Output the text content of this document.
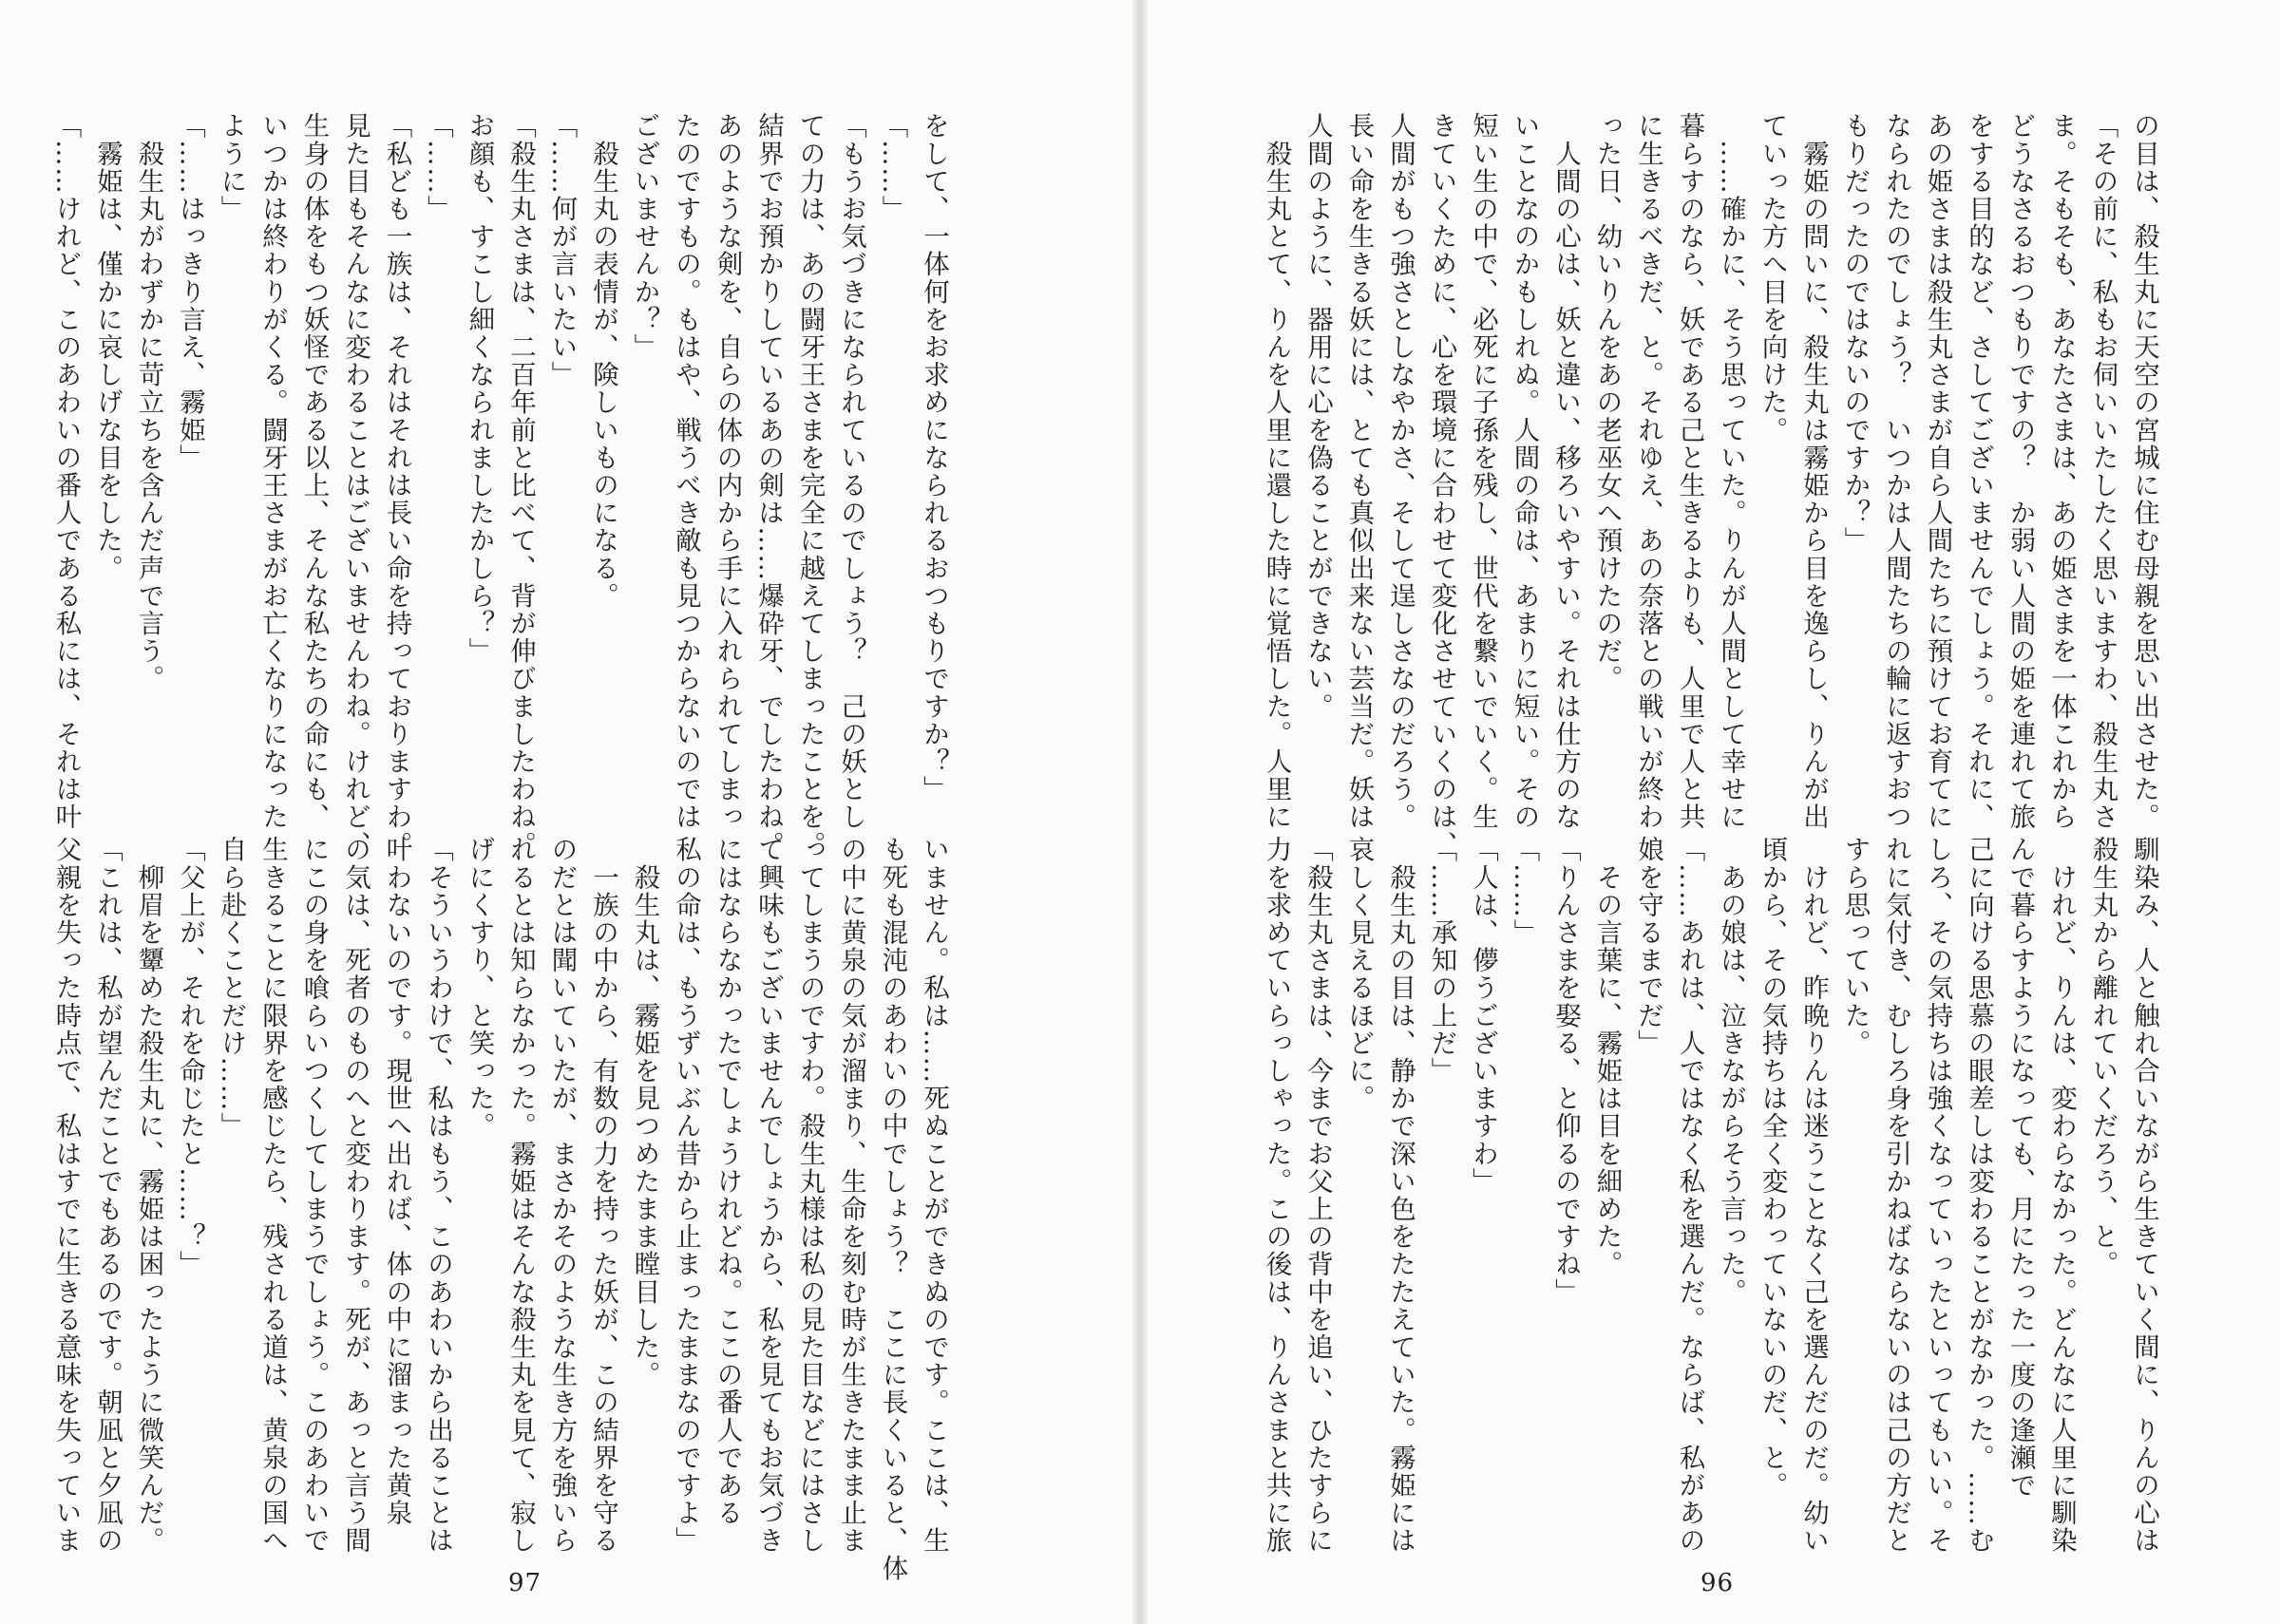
をして、一体何をお求めになられるおつもりですか？」
「……」
「もうお気づきになられているのでしょう？　己の妖とし
ての力は、あの闘牙王さまを完全に越えてしまったことを。
結界でお預かりしているあの剣は……爆砕牙、でしたわね。
あのような剣を、自らの体の内から手に入れられてしまっ
たのですもの。もはや、戦うべき敵も見つからないのでは
ございませんか？」
　殺生丸の表情が、険しいものになる。
「……何が言いたい」
「殺生丸さまは、二百年前と比べて、背が伸びましたわね。
お顔も、すこし細くなられましたかしら？」
「……」
「私ども一族は、それはそれは長い命を持っておりますわ。
見た目もそんなに変わることはございませんわね。けれど、
生身の体をもつ妖怪である以上、そんな私たちの命にも、
いつかは終わりがくる。闘牙王さまがお亡くなりになった
ように」
「……はっきり言え、霧姫」
　殺生丸がわずかに苛立ちを含んだ声で言う。
　霧姫は、僅かに哀しげな目をした。
「……けれど、このあわいの番人である私には、それは叶
いません。私は……死ぬことができぬのです。ここは、生
も死も混沌のあわいの中でしょう？　ここに長くいると、体
の中に黄泉の気が溜まり、生命を刻む時が生きたまま止ま
ってしまうのですわ。殺生丸様は私の見た目などにはさし
て興味もございませんでしょうから、私を見てもお気づき
にはならなかったでしょうけれどね。ここの番人である
私の命は、もうずいぶん昔から止まったままなのですよ」
　殺生丸は、霧姫を見つめたまま瞠目した。
　一族の中から、有数の力を持った妖が、この結界を守る
のだとは聞いていたが、まさかそのような生き方を強いら
れるとは知らなかった。霧姫はそんな殺生丸を見て、寂し
げにくすり、と笑った。
「そういうわけで、私はもう、このあわいから出ることは
叶わないのです。現世へ出れば、体の中に溜まった黄泉
の気は、死者のものへと変わります。死が、あっと言う間
にこの身を喰らいつくしてしまうでしょう。このあわいで
生きることに限界を感じたら、残される道は、黄泉の国へ
自ら赴くことだけ……」
「父上が、それを命じたと……？」
　柳眉を顰めた殺生丸に、霧姫は困ったように微笑んだ。
「これは、私が望んだことでもあるのです。朝凪と夕凪の
父親を失った時点で、私はすでに生きる意味を失っていま
の目は、殺生丸に天空の宮城に住む母親を思い出させた。
「その前に、私もお伺いいたしたく思いますわ、殺生丸さ
ま。そもそも、あなたさまは、あの姫さまを一体これから
どうなさるおつもりですの？　か弱い人間の姫を連れて旅
をする目的など、さしてございませんでしょう。それに、
あの姫さまは殺生丸さまが自ら人間たちに預けてお育てに
なられたのでしょう？　いつかは人間たちの輪に返すおつ
もりだったのではないのですか？」
　霧姫の問いに、殺生丸は霧姫から目を逸らし、りんが出
ていった方へ目を向けた。
　……確かに、そう思っていた。りんが人間として幸せに
暮らすのなら、妖である己と生きるよりも、人里で人と共
に生きるべきだ、と。それゆえ、あの奈落との戦いが終わ
った日、幼いりんをあの老巫女へ預けたのだ。
　人間の心は、妖と違い、移ろいやすい。それは仕方のな
いことなのかもしれぬ。人間の命は、あまりに短い。その
短い生の中で、必死に子孫を残し、世代を繋いでいく。生
きていくために、心を環境に合わせて変化させていくのは、
人間がもつ強さとしなやかさ、そして逞しさなのだろう。
長い命を生きる妖には、とても真似出来ない芸当だ。妖は
人間のように、器用に心を偽ることができない。
　殺生丸とて、りんを人里に還した時に覚悟した。人里に
馴染み、人と触れ合いながら生きていく間に、りんの心は
殺生丸から離れていくだろう、と。
　けれど、りんは、変わらなかった。どんなに人里に馴染
んで暮らすようになっても、月にたった一度の逢瀬で
己に向ける思慕の眼差しは変わることがなかった。……む
しろ、その気持ちは強くなっていったといってもいい。そ
れに気付き、むしろ身を引かねばならないのは己の方だと
すら思っていた。
　けれど、昨晩りんは迷うことなく己を選んだのだ。幼い
頃から、その気持ちは全く変わっていないのだ、と。
　あの娘は、泣きながらそう言った。
「……あれは、人ではなく私を選んだ。ならば、私があの
娘を守るまでだ」
　その言葉に、霧姫は目を細めた。
「りんさまを娶る、と仰るのですね」
「……」
「人は、儚うございますわ」
「……承知の上だ」
　殺生丸の目は、静かで深い色をたたえていた。霧姫には
哀しく見えるほどに。
「殺生丸さまは、今までお父上の背中を追い、ひたすらに
力を求めていらっしゃった。この後は、りんさまと共に旅
97	96
